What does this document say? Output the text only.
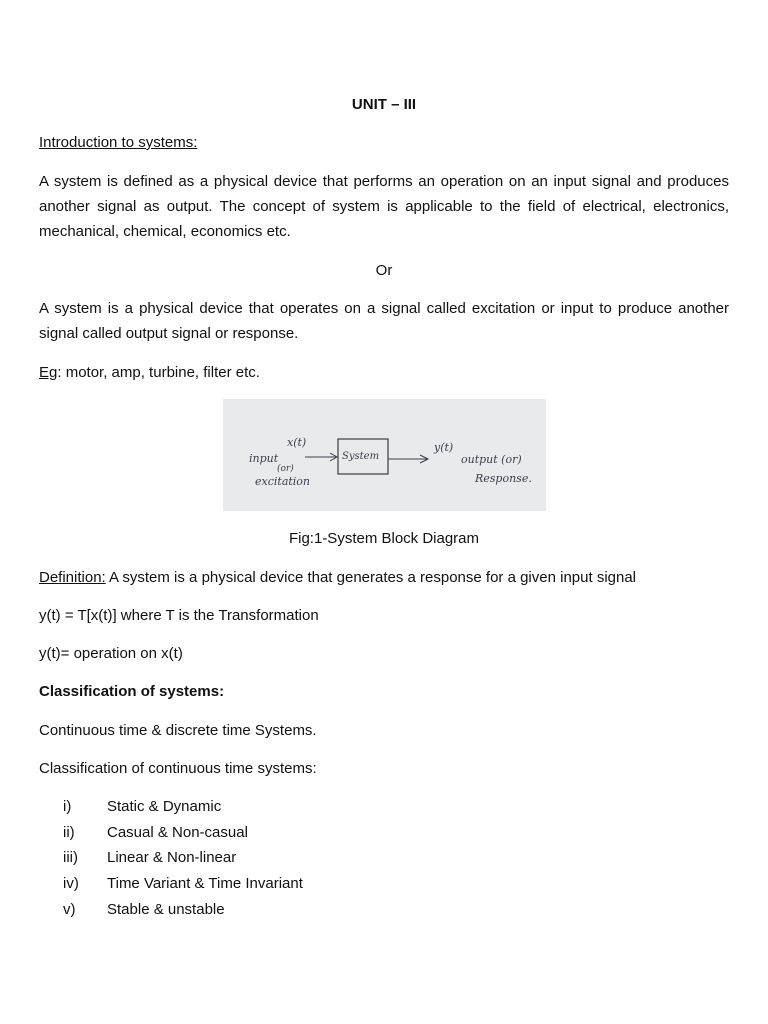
UNIT – III
Introduction to systems:
A system is defined as a physical device that performs an operation on an input signal and produces another signal as output. The concept of system is applicable to the field of electrical, electronics, mechanical, chemical, economics etc.
Or
A system is a physical device that operates on a signal called excitation or input to produce another signal called output signal or response.
Eg: motor, amp, turbine, filter etc.
x(t)
input
(or)
excitation
System
y(t)
output (or)
Response.
Fig:1-System Block Diagram
Definition: A system is a physical device that generates a response for a given input signal
y(t) = T[x(t)] where T is the Transformation
y(t)= operation on x(t)
Classification of systems:
Continuous time & discrete time Systems.
Classification of continuous time systems:
i) Static & Dynamic
ii) Casual & Non-casual
iii) Linear & Non-linear
iv) Time Variant & Time Invariant
v) Stable & unstable
